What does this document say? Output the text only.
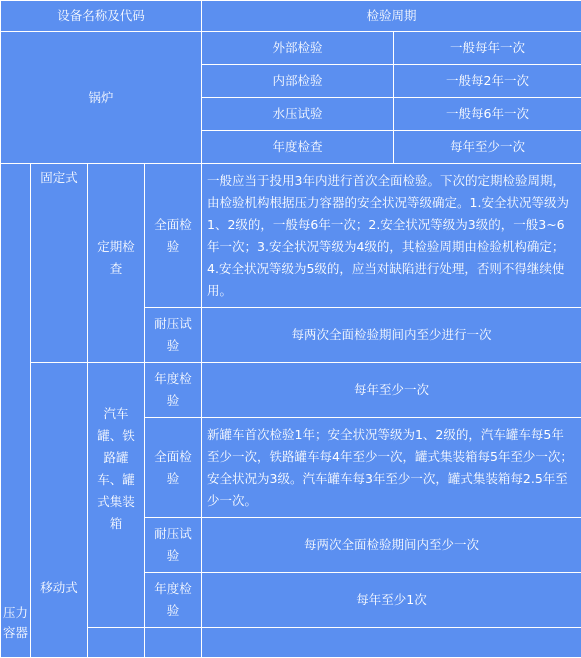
设备名称及代码				检验周期	
锅炉				外部检验	一般每年一次
				内部检验	一般每2年一次
				水压试验	一般每6年一次
				年度检查	每年至少一次
压力容器	固定式	定期检查	全面检验	一般应当于投用3年内进行首次全面检验。下次的定期检验周期，由检验机构根据压力容器的安全状况等级确定。1.安全状况等级为1、2级的，一般每6年一次；2.安全状况等级为3级的，一般3~6年一次；3.安全状况等级为4级的，其检验周期由检验机构确定；4.安全状况等级为5级的，应当对缺陷进行处理，否则不得继续使用。	
			耐压试验	每两次全面检验期间内至少进行一次	
	移动式	汽车罐、铁路罐车、罐式集装箱	年度检验	每年至少一次	
			全面检验	新罐车首次检验1年；安全状况等级为1、2级的，汽车罐车每5年至少一次，铁路罐车每4年至少一次，罐式集装箱每5年至少一次；安全状况为3级。汽车罐车每3年至少一次，罐式集装箱每2.5年至少一次。	
			耐压试验	每两次全面检验期间内至少一次	
			年度检验	每年至少1次	
